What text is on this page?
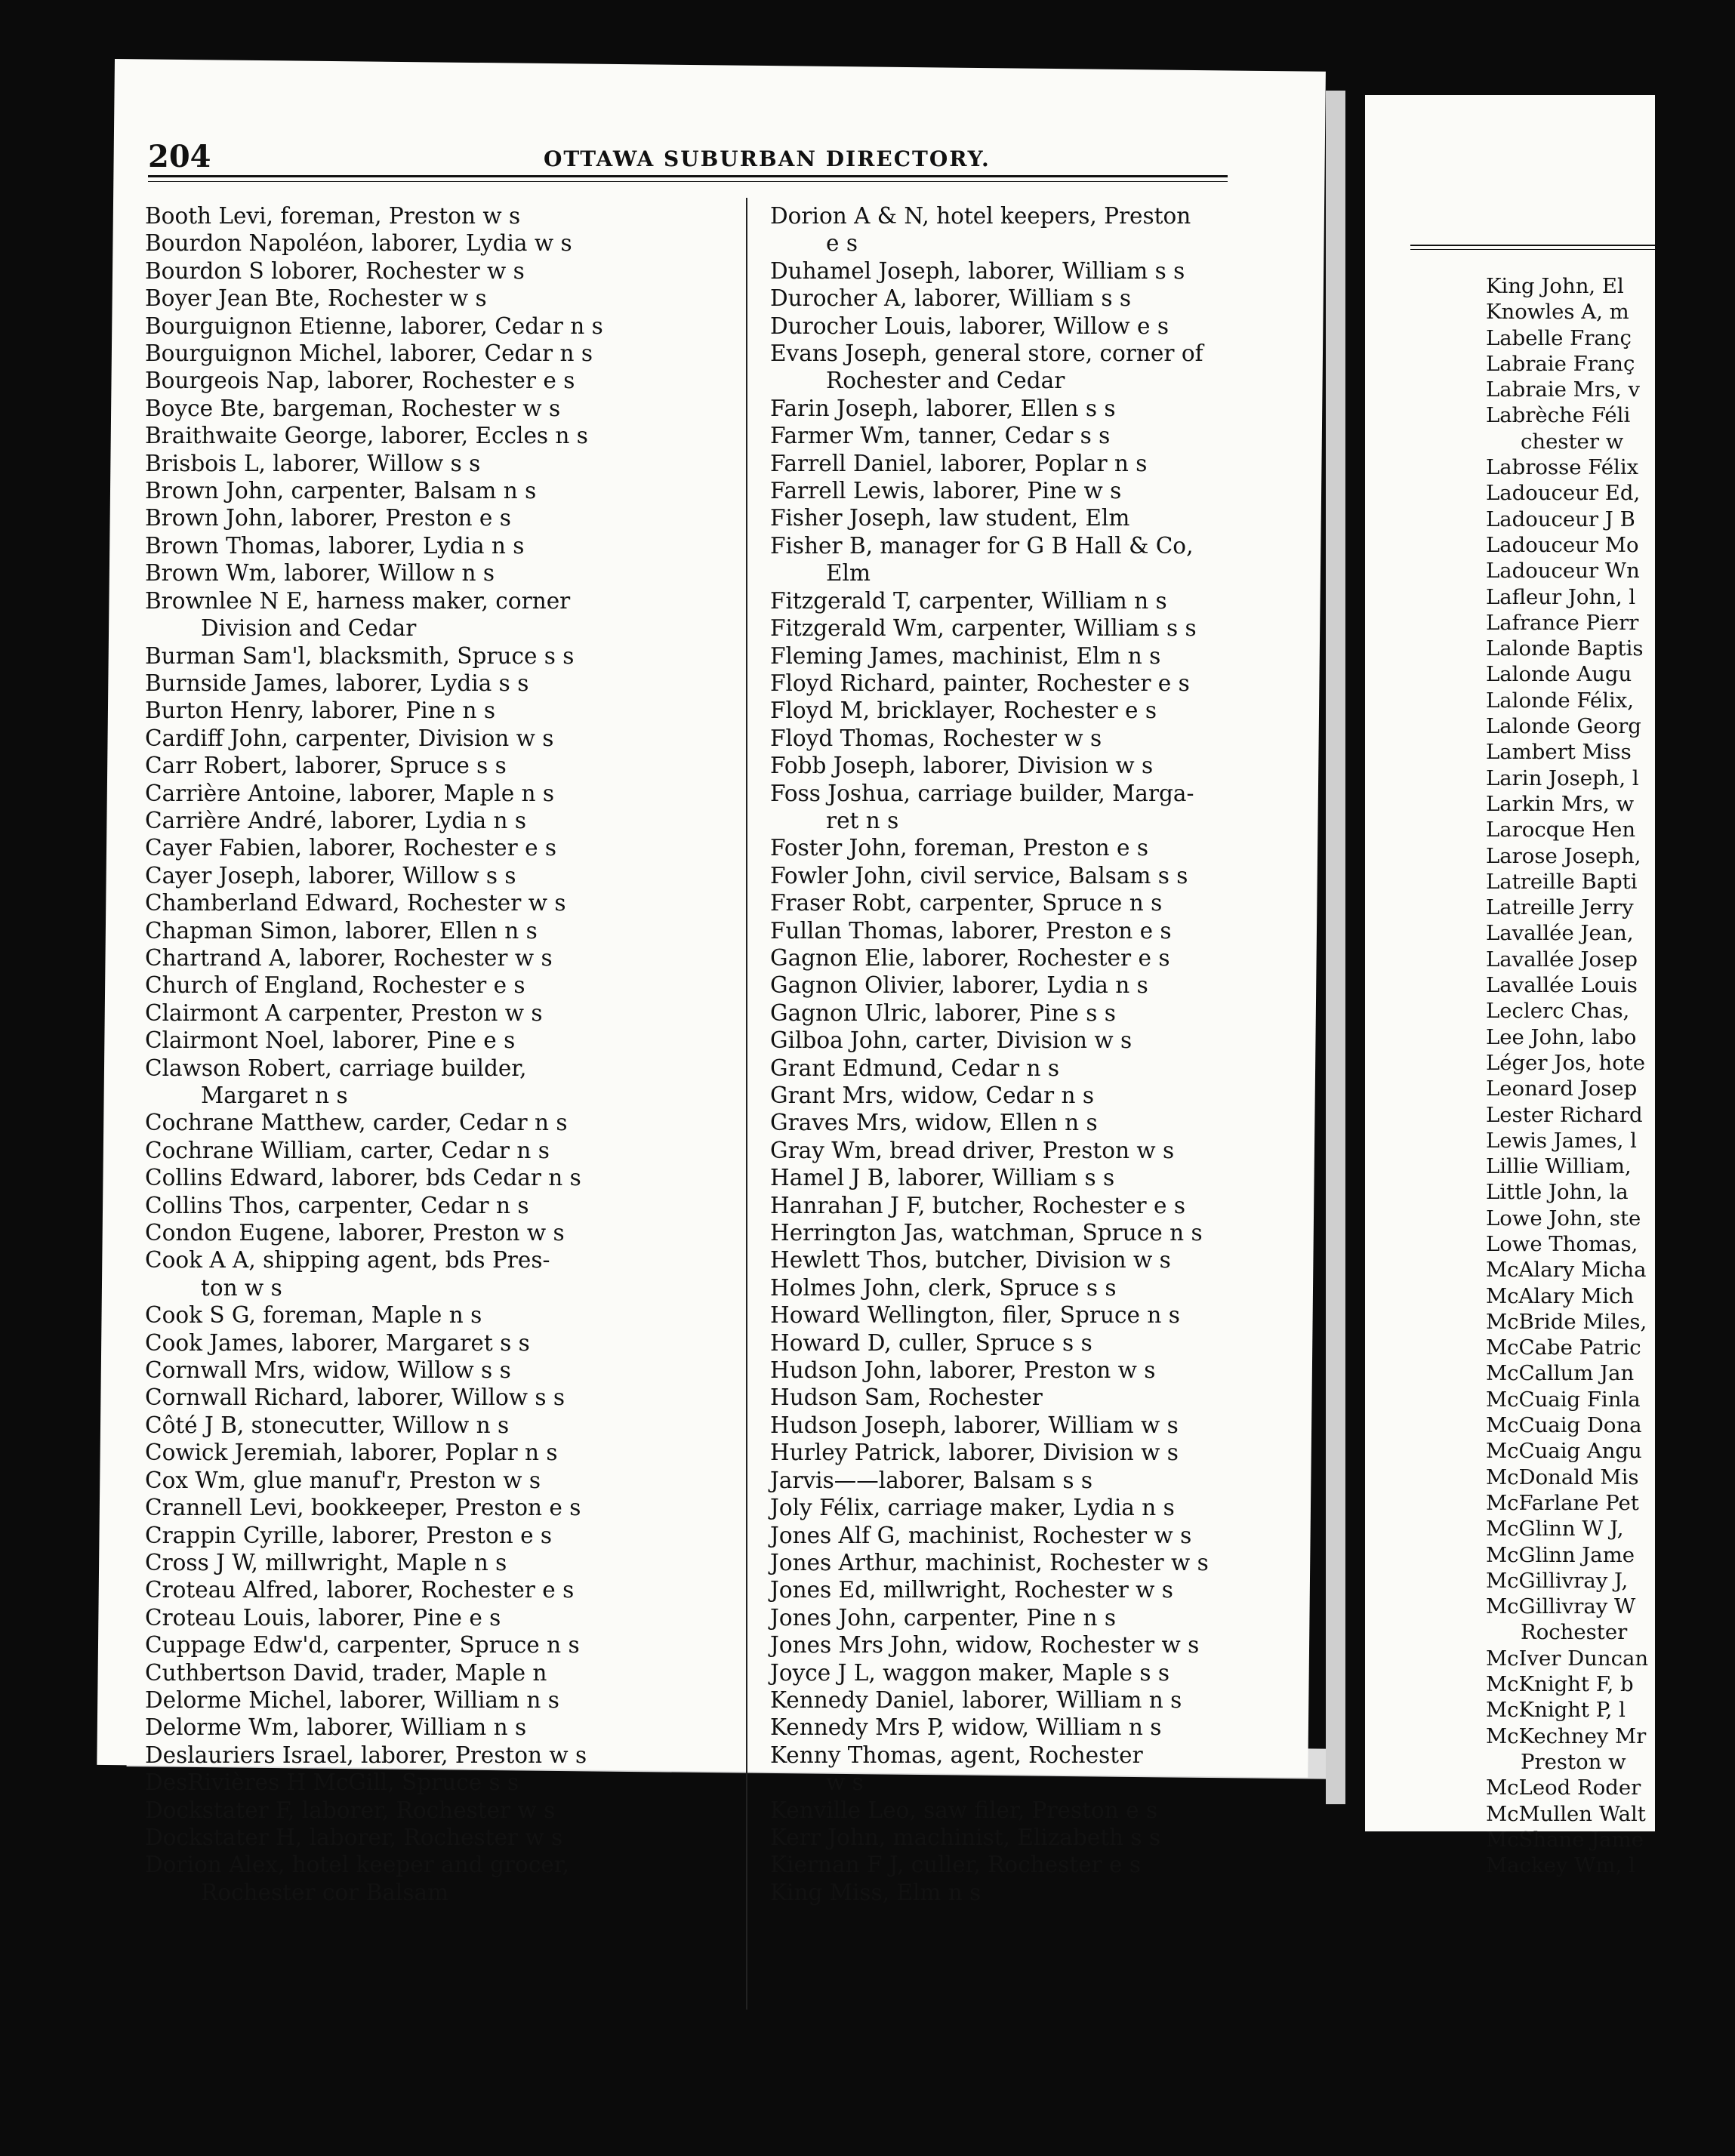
King John, El
Knowles A, m
Labelle Franç
Labraie Franç
Labraie Mrs, v
Labrèche Féli
chester w
Labrosse Félix
Ladouceur Ed,
Ladouceur J B
Ladouceur Mo
Ladouceur Wn
Lafleur John, l
Lafrance Pierr
Lalonde Baptis
Lalonde Augu
Lalonde Félix,
Lalonde Georg
Lambert Miss
Larin Joseph, l
Larkin Mrs, w
Larocque Hen
Larose Joseph,
Latreille Bapti
Latreille Jerry
Lavallée Jean,
Lavallée Josep
Lavallée Louis
Leclerc Chas,
Lee John, labo
Léger Jos, hote
Leonard Josep
Lester Richard
Lewis James, l
Lillie William,
Little John, la
Lowe John, ste
Lowe Thomas,
McAlary Micha
McAlary Mich
McBride Miles,
McCabe Patric
McCallum Jan
McCuaig Finla
McCuaig Dona
McCuaig Angu
McDonald Mis
McFarlane Pet
McGlinn W J,
McGlinn Jame
McGillivray J,
McGillivray W
Rochester
McIver Duncan
McKnight F, b
McKnight P, l
McKechney Mr
Preston w
McLeod Roder
McMullen Walt
McShane Jame
Mackey Wm, l
204	OTTAWA SUBURBAN DIRECTORY.
Booth Levi, foreman, Preston w s
Bourdon Napoléon, laborer, Lydia w s
Bourdon S loborer, Rochester w s
Boyer Jean Bte, Rochester w s
Bourguignon Etienne, laborer, Cedar n s
Bourguignon Michel, laborer, Cedar n s
Bourgeois Nap, laborer, Rochester e s
Boyce Bte, bargeman, Rochester w s
Braithwaite George, laborer, Eccles n s
Brisbois L, laborer, Willow s s
Brown John, carpenter, Balsam n s
Brown John, laborer, Preston e s
Brown Thomas, laborer, Lydia n s
Brown Wm, laborer, Willow n s
Brownlee N E, harness maker, corner
Division and Cedar
Burman Sam'l, blacksmith, Spruce s s
Burnside James, laborer, Lydia s s
Burton Henry, laborer, Pine n s
Cardiff John, carpenter, Division w s
Carr Robert, laborer, Spruce s s
Carrière Antoine, laborer, Maple n s
Carrière André, laborer, Lydia n s
Cayer Fabien, laborer, Rochester e s
Cayer Joseph, laborer, Willow s s
Chamberland Edward, Rochester w s
Chapman Simon, laborer, Ellen n s
Chartrand A, laborer, Rochester w s
Church of England, Rochester e s
Clairmont A carpenter, Preston w s
Clairmont Noel, laborer, Pine e s
Clawson Robert, carriage builder,
Margaret n s
Cochrane Matthew, carder, Cedar n s
Cochrane William, carter, Cedar n s
Collins Edward, laborer, bds Cedar n s
Collins Thos, carpenter, Cedar n s
Condon Eugene, laborer, Preston w s
Cook A A, shipping agent, bds Pres-
ton w s
Cook S G, foreman, Maple n s
Cook James, laborer, Margaret s s
Cornwall Mrs, widow, Willow s s
Cornwall Richard, laborer, Willow s s
Côté J B, stonecutter, Willow n s
Cowick Jeremiah, laborer, Poplar n s
Cox Wm, glue manuf'r, Preston w s
Crannell Levi, bookkeeper, Preston e s
Crappin Cyrille, laborer, Preston e s
Cross J W, millwright, Maple n s
Croteau Alfred, laborer, Rochester e s
Croteau Louis, laborer, Pine e s
Cuppage Edw'd, carpenter, Spruce n s
Cuthbertson David, trader, Maple n
Delorme Michel, laborer, William n s
Delorme Wm, laborer, William n s
Deslauriers Israel, laborer, Preston w s
DesRivières H McGill, Spruce s s
Dockstater F, laborer, Rochester w s
Dockstater H, laborer, Rochester w s
Dorion Alex, hotel keeper and grocer,
Rochester cor Balsam
Dorion A & N, hotel keepers, Preston
e s
Duhamel Joseph, laborer, William s s
Durocher A, laborer, William s s
Durocher Louis, laborer, Willow e s
Evans Joseph, general store, corner of
Rochester and Cedar
Farin Joseph, laborer, Ellen s s
Farmer Wm, tanner, Cedar s s
Farrell Daniel, laborer, Poplar n s
Farrell Lewis, laborer, Pine w s
Fisher Joseph, law student, Elm
Fisher B, manager for G B Hall & Co,
Elm
Fitzgerald T, carpenter, William n s
Fitzgerald Wm, carpenter, William s s
Fleming James, machinist, Elm n s
Floyd Richard, painter, Rochester e s
Floyd M, bricklayer, Rochester e s
Floyd Thomas, Rochester w s
Fobb Joseph, laborer, Division w s
Foss Joshua, carriage builder, Marga-
ret n s
Foster John, foreman, Preston e s
Fowler John, civil service, Balsam s s
Fraser Robt, carpenter, Spruce n s
Fullan Thomas, laborer, Preston e s
Gagnon Elie, laborer, Rochester e s
Gagnon Olivier, laborer, Lydia n s
Gagnon Ulric, laborer, Pine s s
Gilboa John, carter, Division w s
Grant Edmund, Cedar n s
Grant Mrs, widow, Cedar n s
Graves Mrs, widow, Ellen n s
Gray Wm, bread driver, Preston w s
Hamel J B, laborer, William s s
Hanrahan J F, butcher, Rochester e s
Herrington Jas, watchman, Spruce n s
Hewlett Thos, butcher, Division w s
Holmes John, clerk, Spruce s s
Howard Wellington, filer, Spruce n s
Howard D, culler, Spruce s s
Hudson John, laborer, Preston w s
Hudson Sam, Rochester
Hudson Joseph, laborer, William w s
Hurley Patrick, laborer, Division w s
Jarvis——laborer, Balsam s s
Joly Félix, carriage maker, Lydia n s
Jones Alf G, machinist, Rochester w s
Jones Arthur, machinist, Rochester w s
Jones Ed, millwright, Rochester w s
Jones John, carpenter, Pine n s
Jones Mrs John, widow, Rochester w s
Joyce J L, waggon maker, Maple s s
Kennedy Daniel, laborer, William n s
Kennedy Mrs P, widow, William n s
Kenny Thomas, agent, Rochester
w s
Kenville Leo, saw filer, Preston e s
Kerr John, machinist, Elizabeth s s
Kiernan F J, culler, Rochester e s
King Miss, Elm n s
